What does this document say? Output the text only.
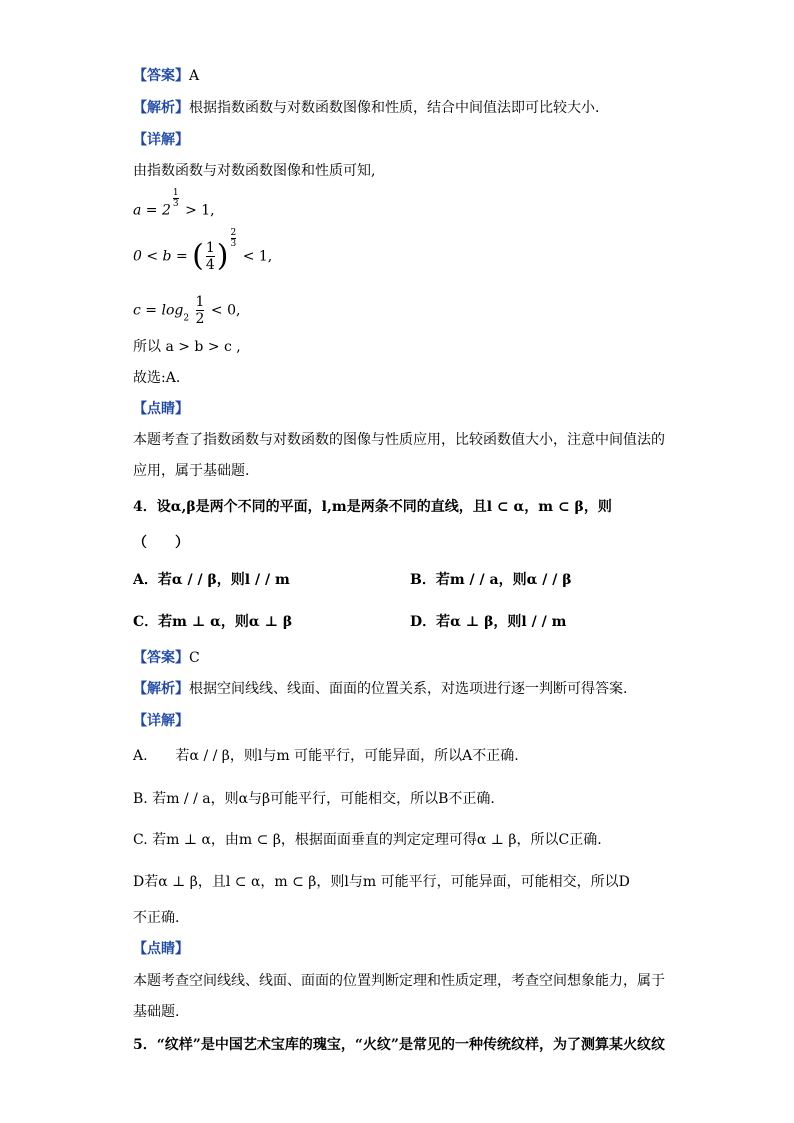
【答案】A
【解析】根据指数函数与对数函数图像和性质，结合中间值法即可比较大小.
【详解】
由指数函数与对数函数图像和性质可知,
a = 2
$\frac{1}{3}$
> 1,
0 < b = ( $\frac{1}{4}$ ) $\frac{2}{3}$
< 1,
$c = \log_2 \frac{1}{2} < 0$,
所以 a > b > c ,
故选:A.
【点睛】
本题考查了指数函数与对数函数的图像与性质应用，比较函数值大小，注意中间值法的
应用，属于基础题.
4．设α,β是两个不同的平面，l,m是两条不同的直线，且l ⊂ α，m ⊂ β，则
（　　）
A．若α / / β，则l / / m	B．若m / / a，则α / / β
C．若m ⊥ α，则α ⊥ β	D．若α ⊥ β，则l / / m
【答案】C
【解析】根据空间线线、线面、面面的位置关系，对选项进行逐一判断可得答案.
【详解】
A.　　若α / / β，则l与m 可能平行，可能异面，所以A不正确.
B. 若m / / a，则α与β可能平行，可能相交，所以B不正确.
C. 若m ⊥ α，由m ⊂ β，根据面面垂直的判定定理可得α ⊥ β，所以C正确.
D若α ⊥ β，且l ⊂ α，m ⊂ β，则l与m 可能平行，可能异面，可能相交，所以D
不正确.
【点睛】
本题考查空间线线、线面、面面的位置判断定理和性质定理，考查空间想象能力，属于
基础题.
5．“纹样”是中国艺术宝库的瑰宝，“火纹”是常见的一种传统纹样，为了测算某火纹纹
